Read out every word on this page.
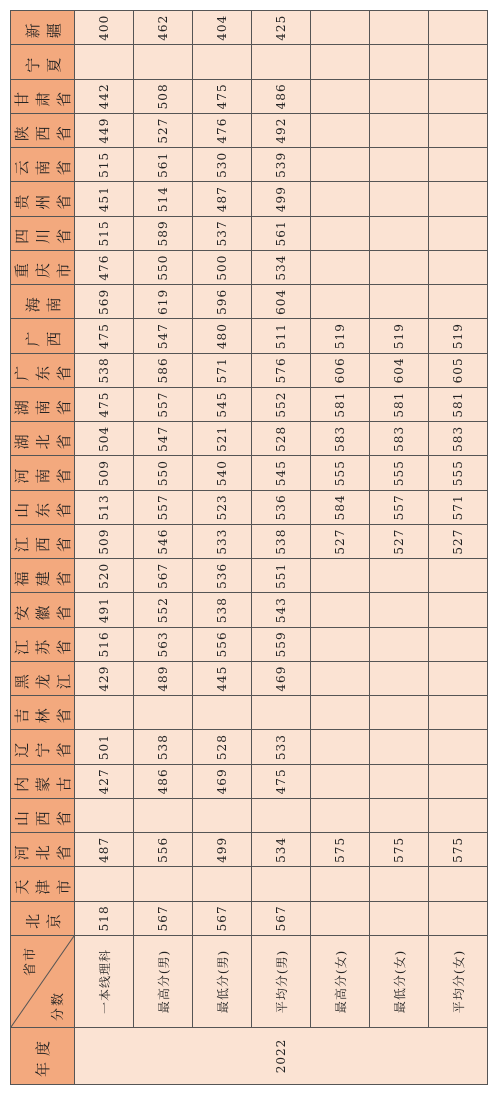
年度	省市
分数	北京	天津市	河北省	山西省	内蒙古	辽宁省	吉林省	黑龙江	江苏省	安徽省	福建省	江西省	山东省	河南省	湖北省	湖南省	广东省	广西	海南	重庆市	四川省	贵州省	云南省	陕西省	甘肃省	宁夏	新疆
2022	一本线理科	518		487		427	501		429	516	491	520	509	513	509	504	475	538	475	569	476	515	451	515	449	442		400
	最高分(男)	567		556		486	538		489	563	552	567	546	557	550	547	557	586	547	619	550	589	514	561	527	508		462
	最低分(男)	567		499		469	528		445	556	538	536	533	523	540	521	545	571	480	596	500	537	487	530	476	475		404
	平均分(男)	567		534		475	533		469	559	543	551	538	536	545	528	552	576	511	604	534	561	499	539	492	486		425
	最高分(女)			575									527	584	555	583	581	606	519									
	最低分(女)			575									527	557	555	583	581	604	519									
	平均分(女)			575									527	571	555	583	581	605	519									
